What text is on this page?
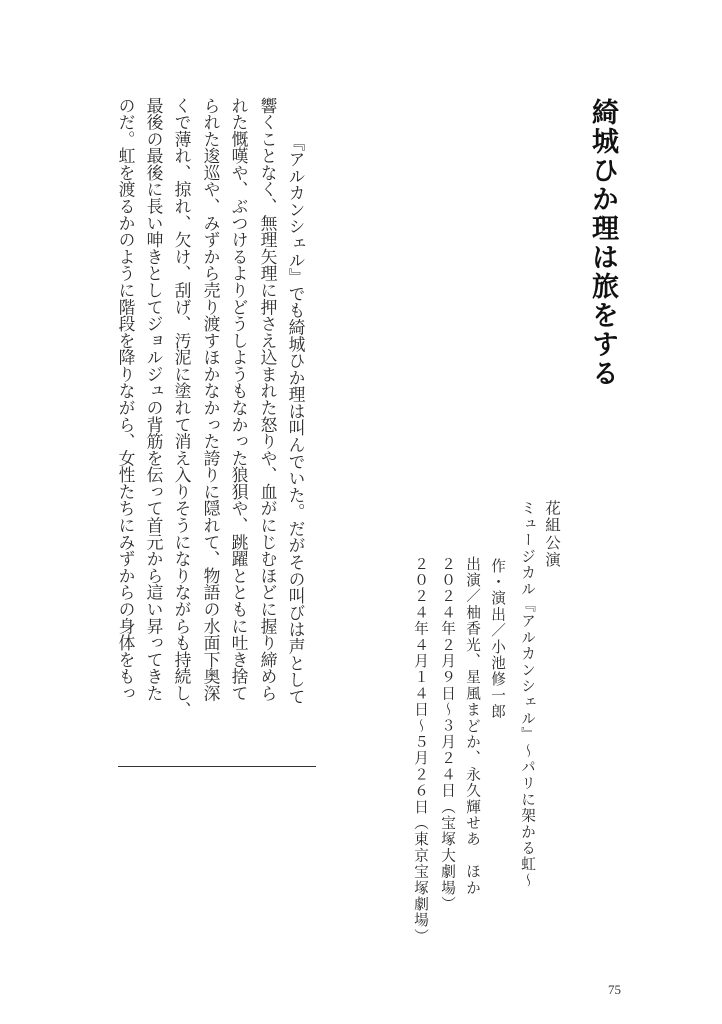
綺城ひか理は旅をする
『アルカンシェル』でも綺城ひか理は叫んでいた。だがその叫びは声として
響くことなく、無理矢理に押さえ込まれた怒りや、血がにじむほどに握り締めら
れた慨嘆や、ぶつけるよりどうしようもなかった狼狽や、跳躍とともに吐き捨て
られた逡巡や、みずから売り渡すほかなかった誇りに隠れて、物語の水面下奥深
くで薄れ、掠れ、欠け、刮げ、汚泥に塗れて消え入りそうになりながらも持続し、
最後の最後に長い呻きとしてジョルジュの背筋を伝って首元から這い昇ってきた
のだ。虹を渡るかのように階段を降りながら、女性たちにみずからの身体をもっ	花組公演
ミュージカル『アルカンシェル』〜パリに架かる虹〜
作・演出／小池修一郎
出演／柚香光、星風まどか、永久輝せあ　ほか
２０２４年２月９日〜３月２４日（宝塚大劇場）
２０２４年４月１４日〜５月２６日（東京宝塚劇場）
75
